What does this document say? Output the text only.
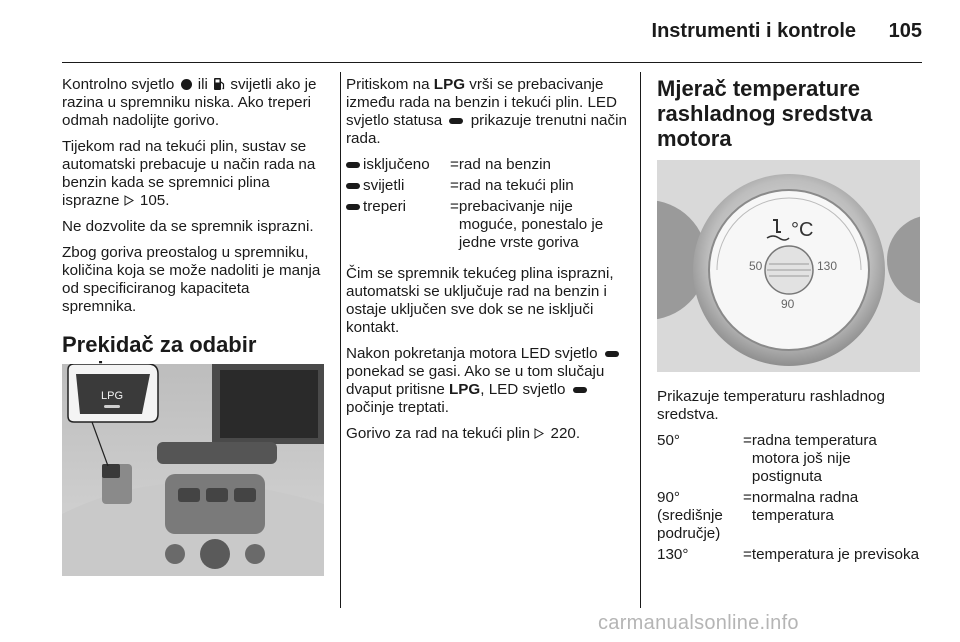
Instrumenti i kontrole 105

Kontrolno svjetlo ili svijetli ako je razina u spremniku niska. Ako treperi odmah nadolijte gorivo.

Tijekom rad na tekući plin, sustav se automatski prebacuje u način rada na benzin kada se spremnici plina isprazne 105.

Ne dozvolite da se spremnik isprazni.

Zbog goriva preostalog u spremniku, količina koja se može nadoliti je manja od specificiranog kapaciteta spremnika.

Prekidač za odabir
LPG

Pritiskom na LPG vrši se prebacivanje između rada na benzin i tekući plin. LED svjetlo statusa prikazuje trenutni način rada.

isključeno	=	rad na benzin
svijetli	=	rad na tekući plin
treperi	=	prebacivanje nije moguće, ponestalo je jedne vrste goriva

Čim se spremnik tekućeg plina isprazni, automatski se uključuje rad na benzin i ostaje uključen sve dok se ne isključi kontakt.

Nakon pokretanja motora LED svjetlo  ponekad se gasi. Ako se u tom slučaju dvaput pritisne LPG, LED svjetlo  počinje treptati.

Gorivo za rad na tekući plin 220.

Mjerač temperature rashladnog sredstva motora
50	130
90
°C

Prikazuje temperaturu rashladnog sredstva.

50°	=	radna temperatura motora još nije postignuta
90° (središnje područje)	=	normalna radna temperatura
130°	=	temperatura je previsoka
carmanualsonline.info
